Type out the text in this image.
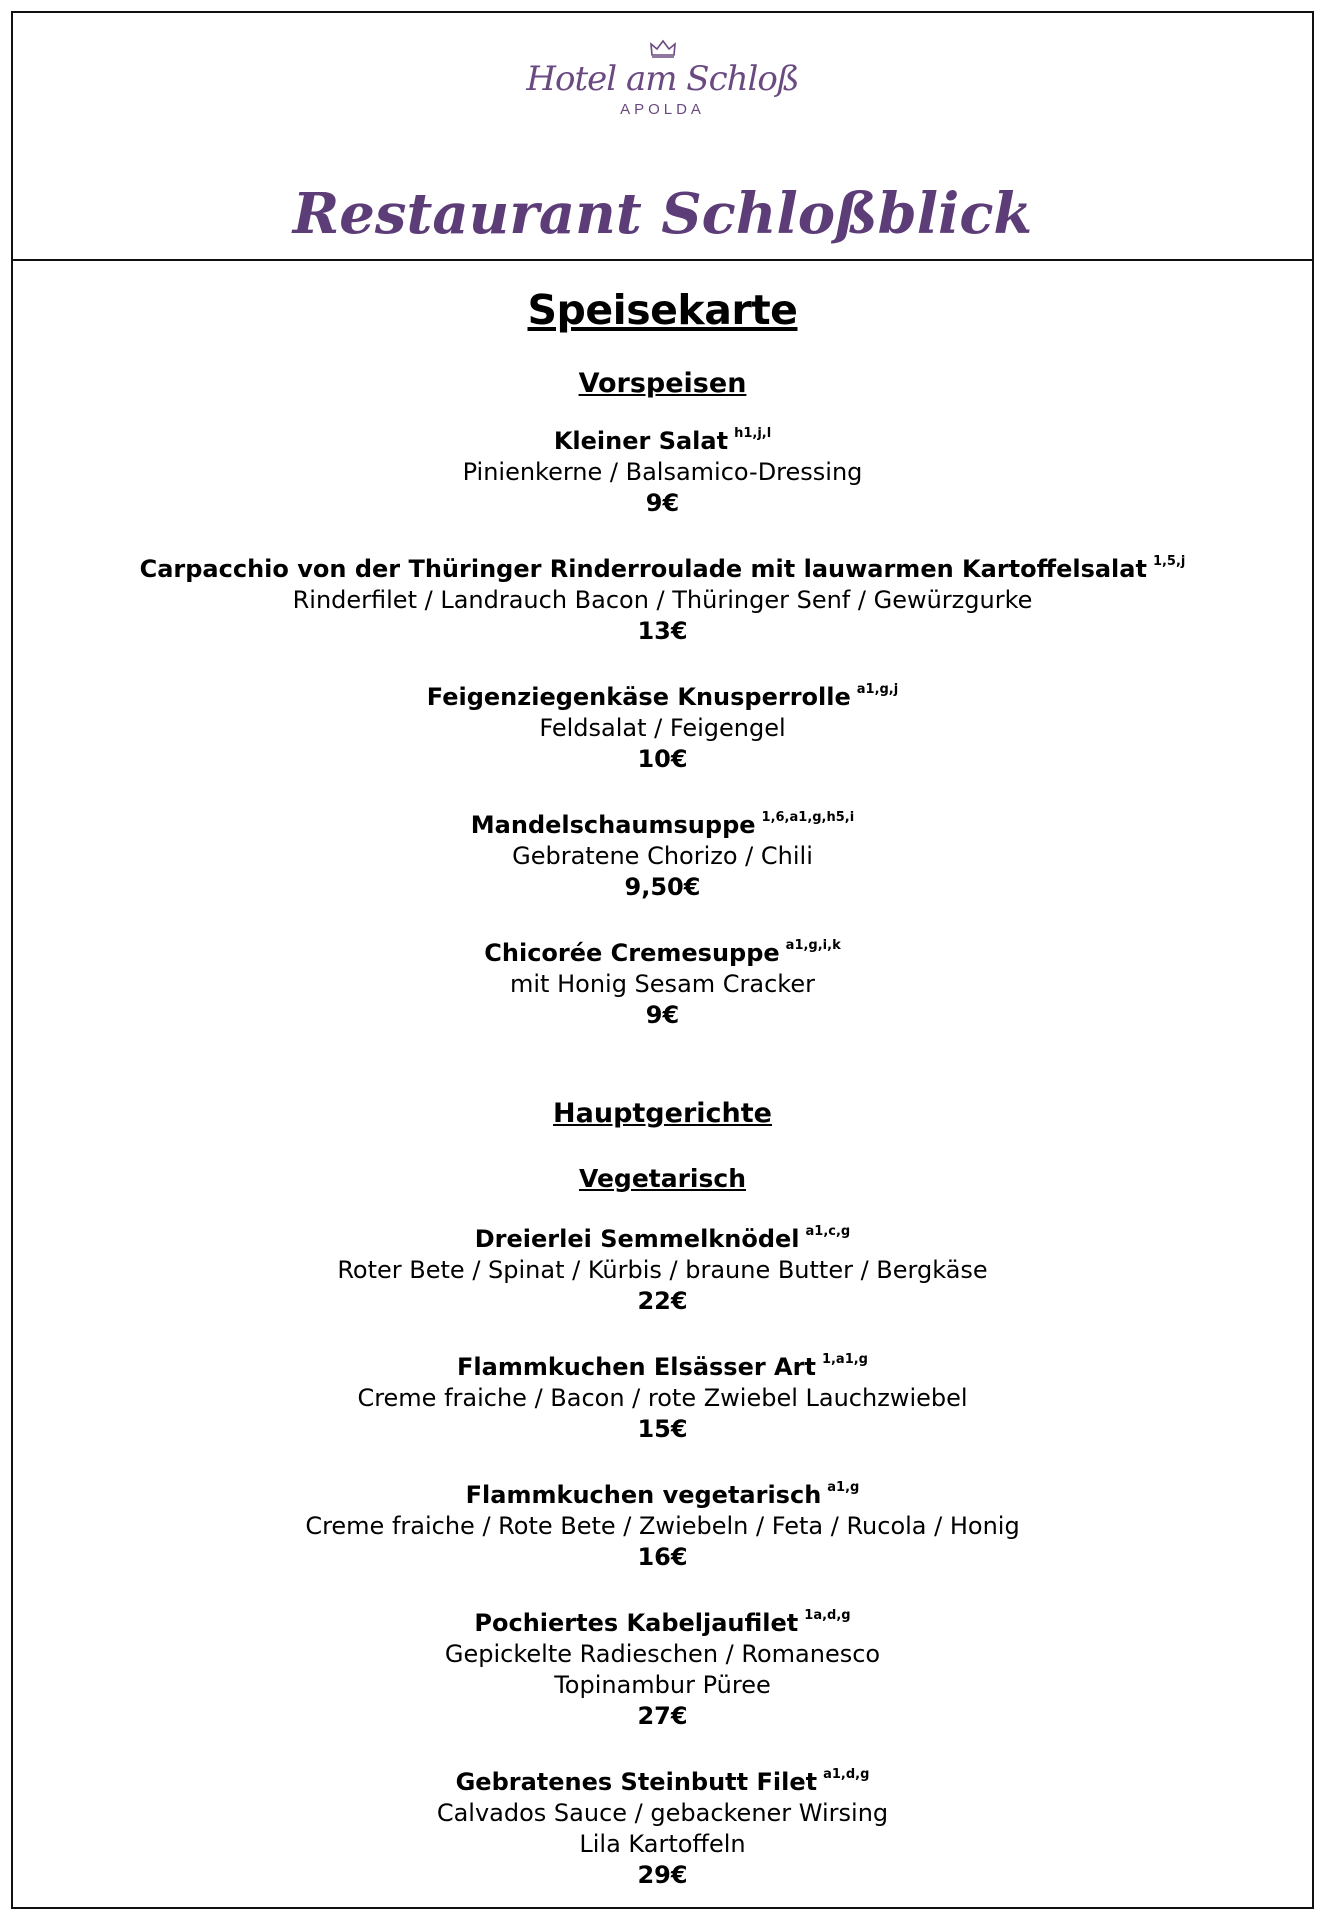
Hotel am Schloß
APOLDA
Restaurant Schloßblick
Speisekarte
Vorspeisen
Kleiner Salat $^{h1,j,l}$
Pinienkerne / Balsamico-Dressing
9€
Carpacchio von der Thüringer Rinderroulade mit lauwarmen Kartoffelsalat $^{1,5,j}$
Rinderfilet / Landrauch Bacon / Thüringer Senf / Gewürzgurke
13€
Feigenziegenkäse Knusperrolle $^{a1,g,j}$
Feldsalat / Feigengel
10€
Mandelschaumsuppe $^{1,6,a1,g,h5,i}$
Gebratene Chorizo / Chili
9,50€
Chicorée Cremesuppe $^{a1,g,i,k}$
mit Honig Sesam Cracker
9€
Hauptgerichte
Vegetarisch
Dreierlei Semmelknödel $^{a1,c,g}$
Roter Bete / Spinat / Kürbis / braune Butter / Bergkäse
22€
Flammkuchen Elsässer Art $^{1,a1,g}$
Creme fraiche / Bacon / rote Zwiebel Lauchzwiebel
15€
Flammkuchen vegetarisch $^{a1,g}$
Creme fraiche / Rote Bete / Zwiebeln / Feta / Rucola / Honig
16€
Pochiertes Kabeljaufilet $^{1a,d,g}$
Gepickelte Radieschen / Romanesco
Topinambur Püree
27€
Gebratenes Steinbutt Filet $^{a1,d,g}$
Calvados Sauce / gebackener Wirsing
Lila Kartoffeln
29€
